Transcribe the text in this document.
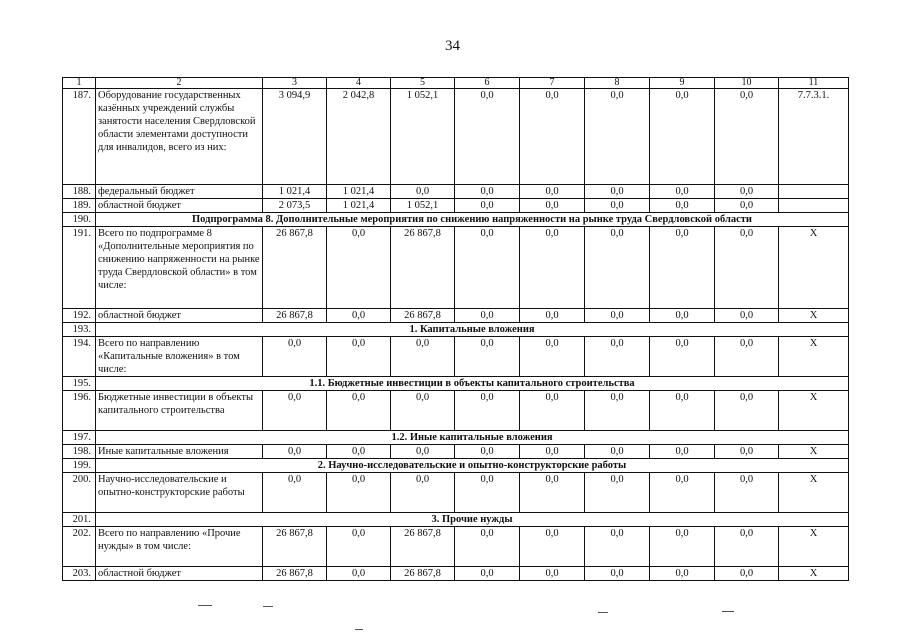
34
1	2	3	4	5	6	7	8	9	10	11
187.	Оборудование государственных казённых учреждений службы занятости населения Свердловской области элементами доступности для инвалидов, всего из них:	3 094,9	2 042,8	1 052,1	0,0	0,0	0,0	0,0	0,0	7.7.3.1.
188.	федеральный бюджет	1 021,4	1 021,4	0,0	0,0	0,0	0,0	0,0	0,0	
189.	областной бюджет	2 073,5	1 021,4	1 052,1	0,0	0,0	0,0	0,0	0,0	
190.	Подпрограмма 8. Дополнительные мероприятия по снижению напряженности на рынке труда Свердловской области									
191.	Всего по подпрограмме 8 «Дополнительные мероприятия по снижению напряженности на рынке труда Свердловской области» в том числе:	26 867,8	0,0	26 867,8	0,0	0,0	0,0	0,0	0,0	Х
192.	областной бюджет	26 867,8	0,0	26 867,8	0,0	0,0	0,0	0,0	0,0	Х
193.	1. Капитальные вложения									
194.	Всего по направлению «Капитальные вложения» в том числе:	0,0	0,0	0,0	0,0	0,0	0,0	0,0	0,0	Х
195.	1.1. Бюджетные инвестиции в объекты капитального строительства									
196.	Бюджетные инвестиции в объекты капитального строительства	0,0	0,0	0,0	0,0	0,0	0,0	0,0	0,0	Х
197.	1.2. Иные капитальные вложения									
198.	Иные капитальные вложения	0,0	0,0	0,0	0,0	0,0	0,0	0,0	0,0	Х
199.	2. Научно-исследовательские и опытно-конструкторские работы									
200.	Научно-исследовательские и опытно-конструкторские работы	0,0	0,0	0,0	0,0	0,0	0,0	0,0	0,0	Х
201.	3. Прочие нужды									
202.	Всего по направлению «Прочие нужды» в том числе:	26 867,8	0,0	26 867,8	0,0	0,0	0,0	0,0	0,0	Х
203.	областной бюджет	26 867,8	0,0	26 867,8	0,0	0,0	0,0	0,0	0,0	Х
